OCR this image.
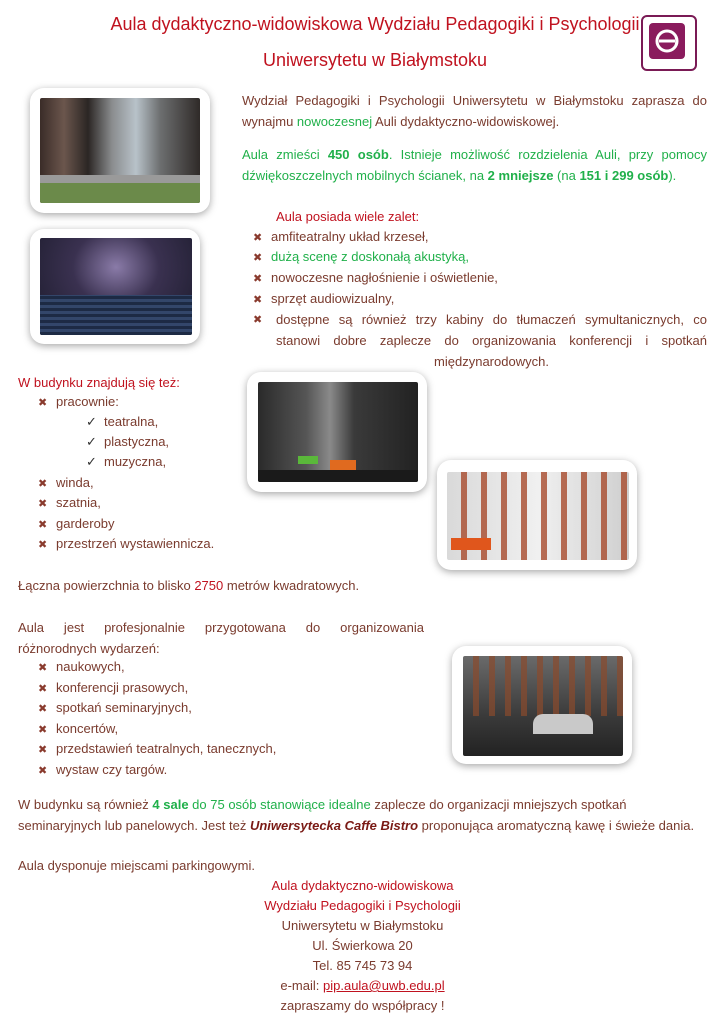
Aula dydaktyczno-widowiskowa Wydziału Pedagogiki i Psychologii
Uniwersytetu w Białymstoku
Wydział Pedagogiki i Psychologii Uniwersytetu w Białymstoku zaprasza do wynajmu nowoczesnej Auli dydaktyczno-widowiskowej.
Aula zmieści 450 osób. Istnieje możliwość rozdzielenia Auli, przy pomocy dźwiękoszczelnych mobilnych ścianek, na 2 mniejsze (na 151 i 299 osób).
Aula posiada wiele zalet:
✖ amfiteatralny układ krzeseł,
✖ dużą scenę z doskonałą akustyką,
✖ nowoczesne nagłośnienie i oświetlenie,
✖ sprzęt audiowizualny,
✖	dostępne są również trzy kabiny do tłumaczeń symultanicznych, co stanowi dobre zaplecze do organizowania konferencji i spotkań międzynarodowych.
W budynku znajdują się też:
✖ pracownie:
✓ teatralna,
✓ plastyczna,
✓ muzyczna,
✖ winda,
✖ szatnia,
✖ garderoby
✖ przestrzeń wystawiennicza.
Łączna powierzchnia to blisko 2750 metrów kwadratowych.
Aula jest profesjonalnie przygotowana do organizowania różnorodnych wydarzeń:
✖ naukowych,
✖ konferencji prasowych,
✖ spotkań seminaryjnych,
✖ koncertów,
✖ przedstawień teatralnych, tanecznych,
✖ wystaw czy targów.
W budynku są również 4 sale do 75 osób stanowiące idealne zaplecze do organizacji mniejszych spotkań seminaryjnych lub panelowych. Jest też Uniwersytecka Caffe Bistro proponująca aromatyczną kawę i świeże dania.
Aula dysponuje miejscami parkingowymi.
Aula dydaktyczno-widowiskowa
Wydziału Pedagogiki i Psychologii
Uniwersytetu w Białymstoku
Ul. Świerkowa 20
Tel. 85 745 73 94
e-mail: pip.aula@uwb.edu.pl
zapraszamy do współpracy !
